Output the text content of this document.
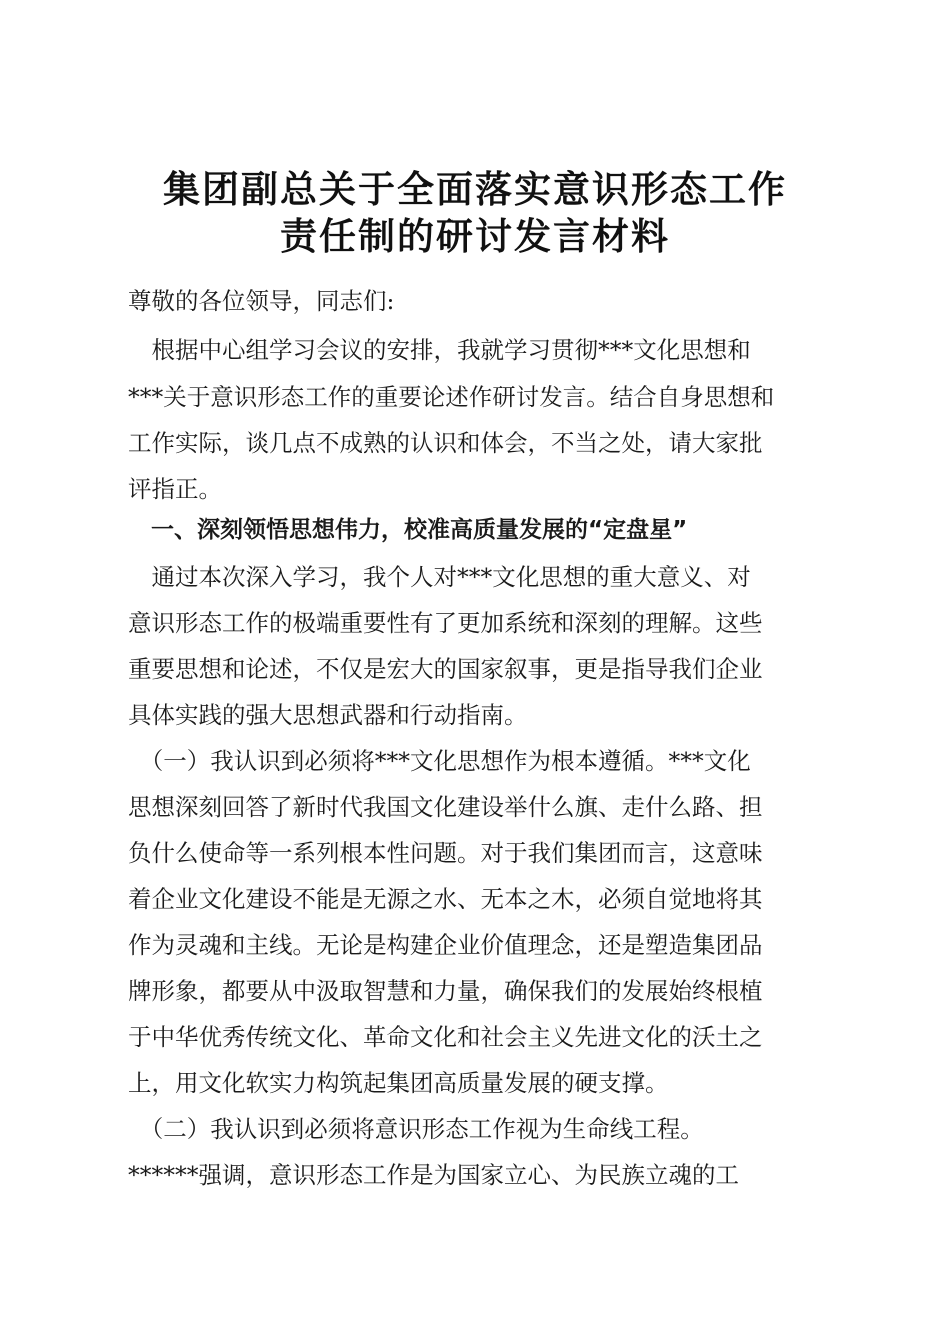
集团副总关于全面落实意识形态工作
责任制的研讨发言材料
尊敬的各位领导，同志们:
　根据中心组学习会议的安排，我就学习贯彻***文化思想和
***关于意识形态工作的重要论述作研讨发言。结合自身思想和
工作实际，谈几点不成熟的认识和体会，不当之处，请大家批
评指正。
　一、深刻领悟思想伟力，校准高质量发展的“定盘星”
　通过本次深入学习，我个人对***文化思想的重大意义、对
意识形态工作的极端重要性有了更加系统和深刻的理解。这些
重要思想和论述，不仅是宏大的国家叙事，更是指导我们企业
具体实践的强大思想武器和行动指南。
　（一）我认识到必须将***文化思想作为根本遵循。***文化
思想深刻回答了新时代我国文化建设举什么旗、走什么路、担
负什么使命等一系列根本性问题。对于我们集团而言，这意味
着企业文化建设不能是无源之水、无本之木，必须自觉地将其
作为灵魂和主线。无论是构建企业价值理念，还是塑造集团品
牌形象，都要从中汲取智慧和力量，确保我们的发展始终根植
于中华优秀传统文化、革命文化和社会主义先进文化的沃土之
上，用文化软实力构筑起集团高质量发展的硬支撑。
　（二）我认识到必须将意识形态工作视为生命线工程。
******强调，意识形态工作是为国家立心、为民族立魂的工
